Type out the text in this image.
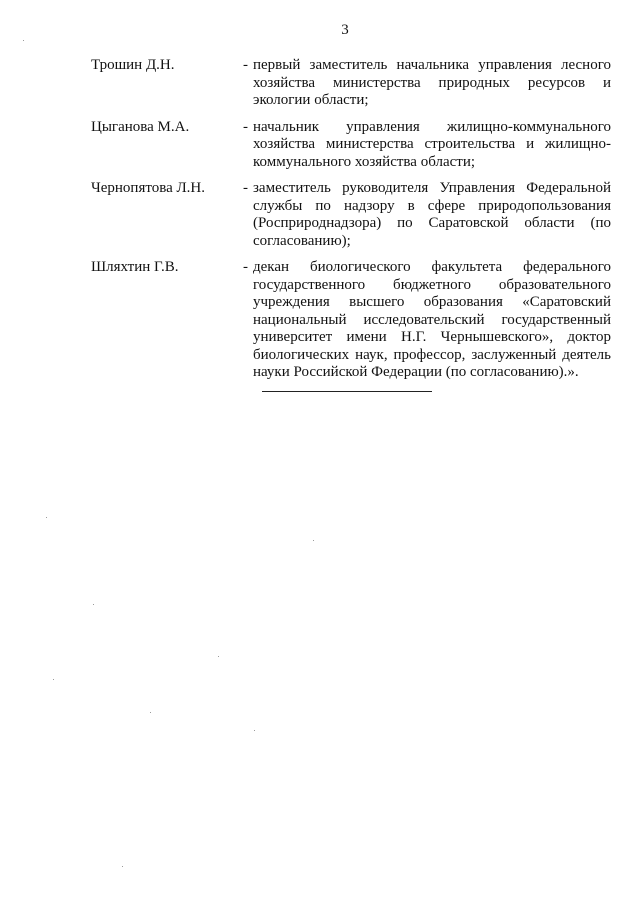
3
Трошин Д.Н.	- первый заместитель начальника управления лесного хозяйства министерства природных ресурсов и экологии области;
Цыганова М.А.	- начальник управления жилищно-коммунального хозяйства министерства строительства и жилищно-коммунального хозяйства области;
Чернопятова Л.Н.	- заместитель руководителя Управления Федеральной службы по надзору в сфере природопользования (Росприроднадзора) по Саратовской области (по согласованию);
Шляхтин Г.В.	- декан биологического факультета федерального государственного бюджетного образовательного учреждения высшего образования «Саратовский национальный исследовательский государственный университет имени Н.Г. Чернышевского», доктор биологических наук, профессор, заслуженный деятель науки Российской Федерации (по согласованию).».
